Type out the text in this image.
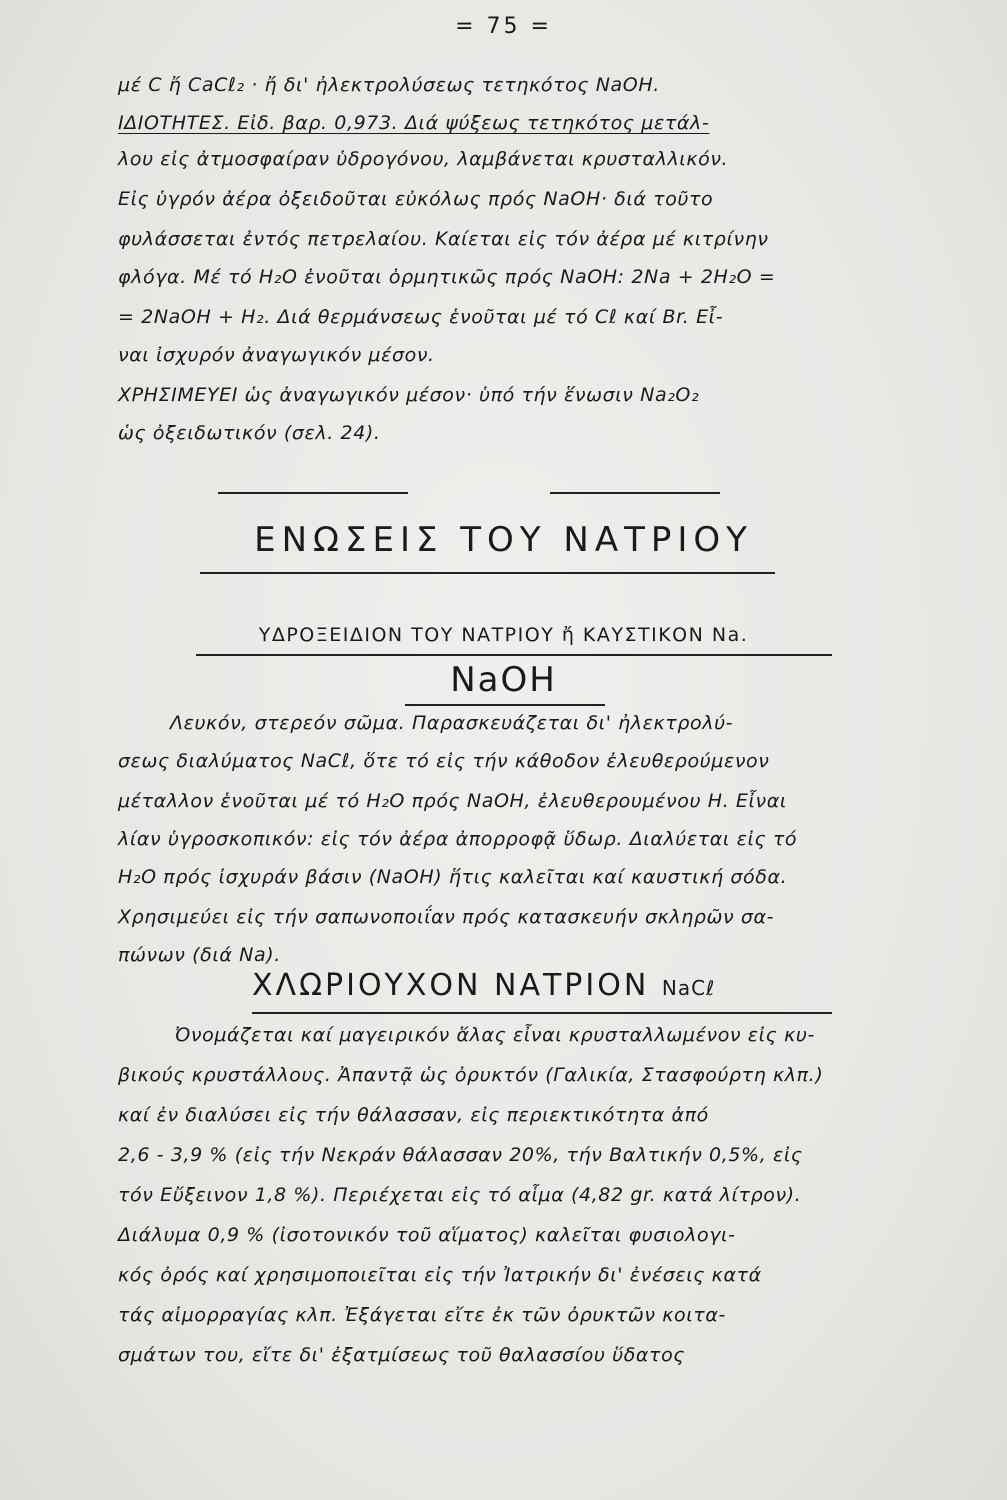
= 75 =
μέ C ἤ CaCℓ₂ · ἤ δι' ἠλεκτρολύσεως τετηκότος NaOH.
ΙΔΙΟΤΗΤΕΣ. Εἰδ. βαρ. 0,973. Διά ψύξεως τετηκότος μετάλ-
λου εἰς ἀτμοσφαίραν ὑδρογόνου, λαμβάνεται κρυσταλλικόν.
Εἰς ὑγρόν ἀέρα ὀξειδοῦται εὐκόλως πρός NaOH· διά τοῦτο
φυλάσσεται ἐντός πετρελαίου. Καίεται εἰς τόν ἀέρα μέ κιτρίνην
φλόγα. Μέ τό H₂O ἑνοῦται ὁρμητικῶς πρός NaOH: 2Na + 2H₂O =
= 2NaOH + H₂. Διά θερμάνσεως ἑνοῦται μέ τό Cℓ καί Br. Εἶ-
ναι ἰσχυρόν ἀναγωγικόν μέσον.
ΧΡΗΣΙΜΕΥΕΙ ὡς ἀναγωγικόν μέσον· ὑπό τήν ἕνωσιν Na₂O₂
ὡς ὀξειδωτικόν (σελ. 24).
ΕΝΩΣΕΙΣ ΤΟΥ ΝΑΤΡΙΟΥ
ΥΔΡΟΞΕΙΔΙΟΝ ΤΟΥ ΝΑΤΡΙΟΥ ἤ ΚΑΥΣΤΙΚΟΝ Na.
NaOH
Λευκόν, στερεόν σῶμα. Παρασκευάζεται δι' ἠλεκτρολύ-
σεως διαλύματος NaCℓ, ὅτε τό εἰς τήν κάθοδον ἐλευθερούμενον
μέταλλον ἑνοῦται μέ τό H₂O πρός NaOH, ἐλευθερουμένου H. Εἶναι
λίαν ὑγροσκοπικόν: εἰς τόν ἀέρα ἀπορροφᾷ ὕδωρ. Διαλύεται εἰς τό
H₂O πρός ἰσχυράν βάσιν (NaOH) ἥτις καλεῖται καί καυστική σόδα.
Χρησιμεύει εἰς τήν σαπωνοποιΐαν πρός κατασκευήν σκληρῶν σα-
πώνων (διά Na).
ΧΛΩΡΙΟΥΧΟΝ ΝΑΤΡΙΟΝ NaCℓ
Ὀνομάζεται καί μαγειρικόν ἅλας εἶναι κρυσταλλωμένον εἰς κυ-
βικούς κρυστάλλους. Ἀπαντᾷ ὡς ὀρυκτόν (Γαλικία, Στασφούρτη κλπ.)
καί ἐν διαλύσει εἰς τήν θάλασσαν, εἰς περιεκτικότητα ἀπό
2,6 - 3,9 % (εἰς τήν Νεκράν θάλασσαν 20%, τήν Βαλτικήν 0,5%, εἰς
τόν Εὔξεινον 1,8 %). Περιέχεται εἰς τό αἷμα (4,82 gr. κατά λίτρον).
Διάλυμα 0,9 % (ἰσοτονικόν τοῦ αἵματος) καλεῖται φυσιολογι-
κός ὀρός καί χρησιμοποιεῖται εἰς τήν Ἰατρικήν δι' ἐνέσεις κατά
τάς αἱμορραγίας κλπ. Ἐξάγεται εἴτε ἐκ τῶν ὀρυκτῶν κοιτα-
σμάτων του, εἴτε δι' ἐξατμίσεως τοῦ θαλασσίου ὕδατος
